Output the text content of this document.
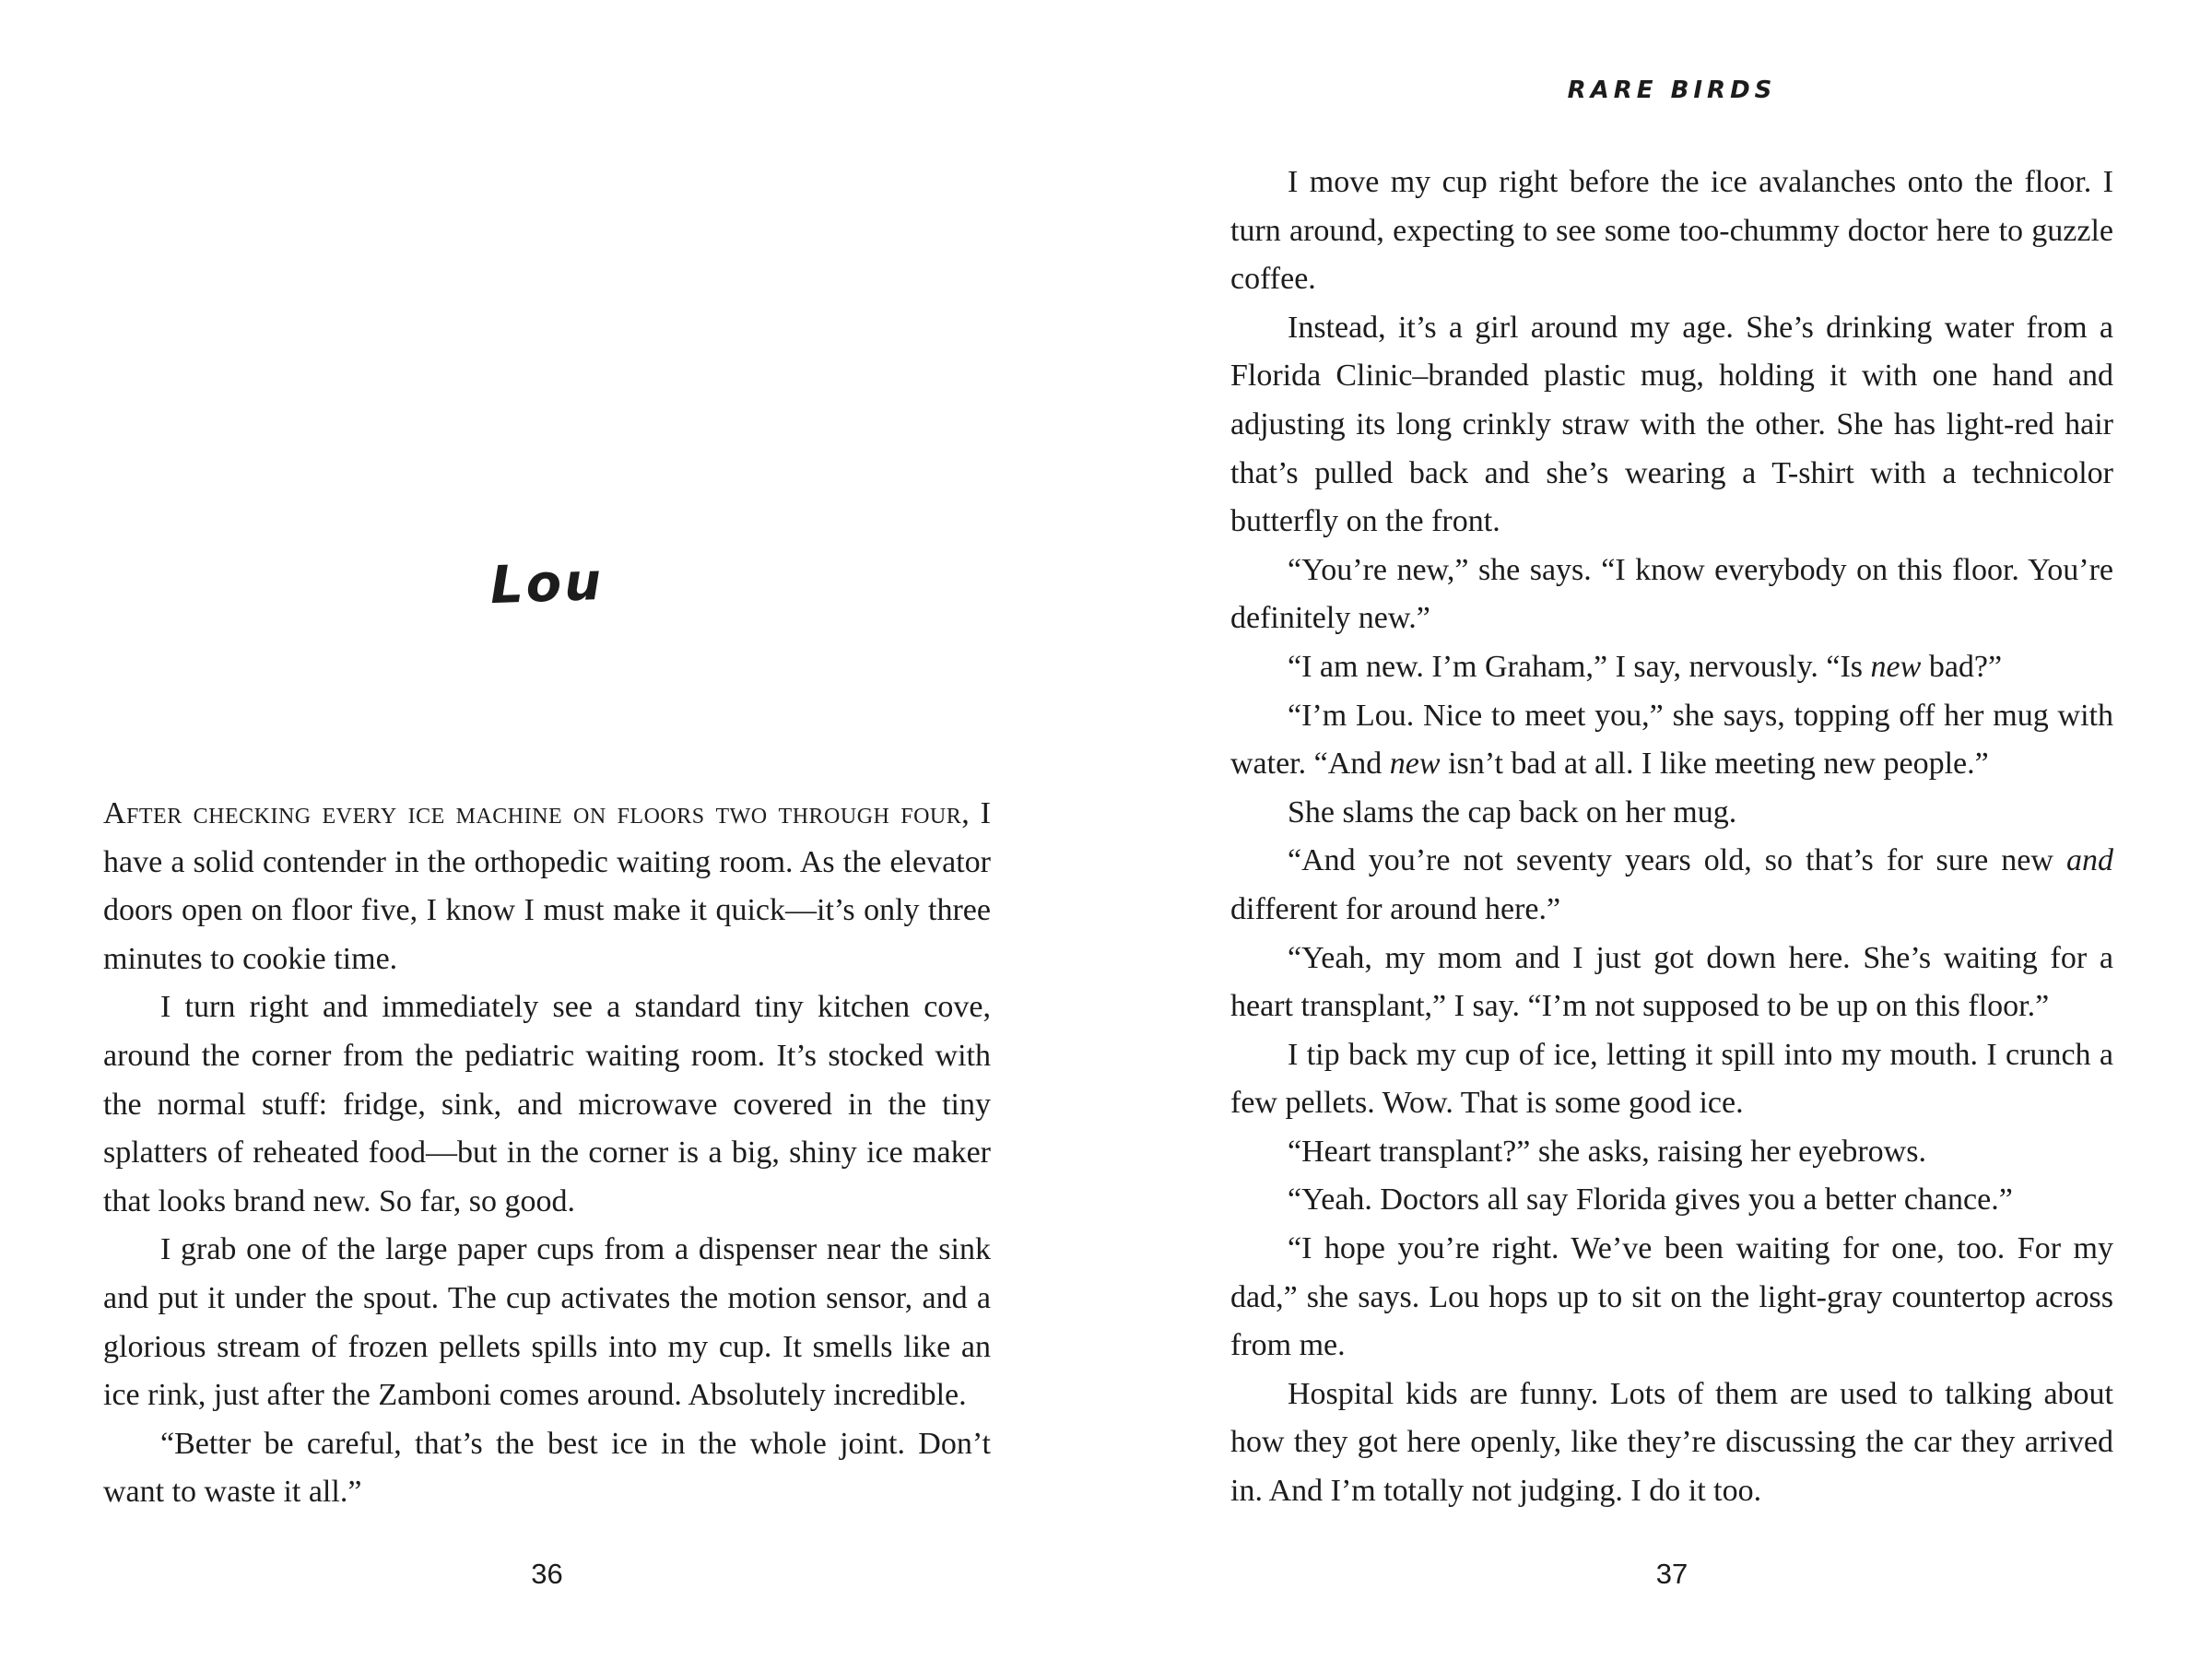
Lou

After checking every ice machine on floors two through four, I have a solid contender in the orthopedic waiting room. As the elevator doors open on floor five, I know I must make it quick—it’s only three minutes to cookie time.

I turn right and immediately see a standard tiny kitchen cove, around the corner from the pediatric waiting room. It’s stocked with the normal stuff: fridge, sink, and microwave covered in the tiny splatters of reheated food—but in the corner is a big, shiny ice maker that looks brand new. So far, so good.

I grab one of the large paper cups from a dispenser near the sink and put it under the spout. The cup activates the motion sensor, and a glorious stream of frozen pellets spills into my cup. It smells like an ice rink, just after the Zamboni comes around. Absolutely incredible.

“Better be careful, that’s the best ice in the whole joint. Don’t want to waste it all.”

36
RARE BIRDS

I move my cup right before the ice avalanches onto the floor. I turn around, expecting to see some too-chummy doctor here to guzzle coffee.

Instead, it’s a girl around my age. She’s drinking water from a Florida Clinic–branded plastic mug, holding it with one hand and adjusting its long crinkly straw with the other. She has light-red hair that’s pulled back and she’s wearing a T-shirt with a technicolor butterfly on the front.

“You’re new,” she says. “I know everybody on this floor. You’re definitely new.”

“I am new. I’m Graham,” I say, nervously. “Is new bad?”

“I’m Lou. Nice to meet you,” she says, topping off her mug with water. “And new isn’t bad at all. I like meeting new people.”

She slams the cap back on her mug.

“And you’re not seventy years old, so that’s for sure new and different for around here.”

“Yeah, my mom and I just got down here. She’s waiting for a heart transplant,” I say. “I’m not supposed to be up on this floor.”

I tip back my cup of ice, letting it spill into my mouth. I crunch a few pellets. Wow. That is some good ice.

“Heart transplant?” she asks, raising her eyebrows.

“Yeah. Doctors all say Florida gives you a better chance.”

“I hope you’re right. We’ve been waiting for one, too. For my dad,” she says. Lou hops up to sit on the light-gray countertop across from me.

Hospital kids are funny. Lots of them are used to talking about how they got here openly, like they’re discussing the car they arrived in. And I’m totally not judging. I do it too.

37
